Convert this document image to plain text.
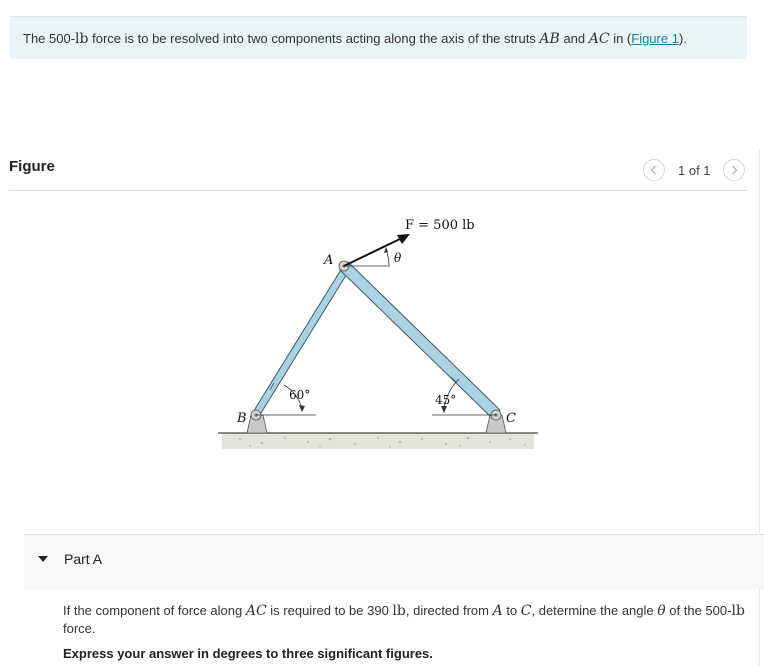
The 500-lb force is to be resolved into two components acting along the axis of the struts AB and AC in (Figure 1).
Figure	1 of 1
F = 500 lb
A
B	C
θ
60°	45°
Part A
If the component of force along AC is required to be 390 lb, directed from A to C, determine the angle θ of the 500-lb
force.
Express your answer in degrees to three significant figures.
